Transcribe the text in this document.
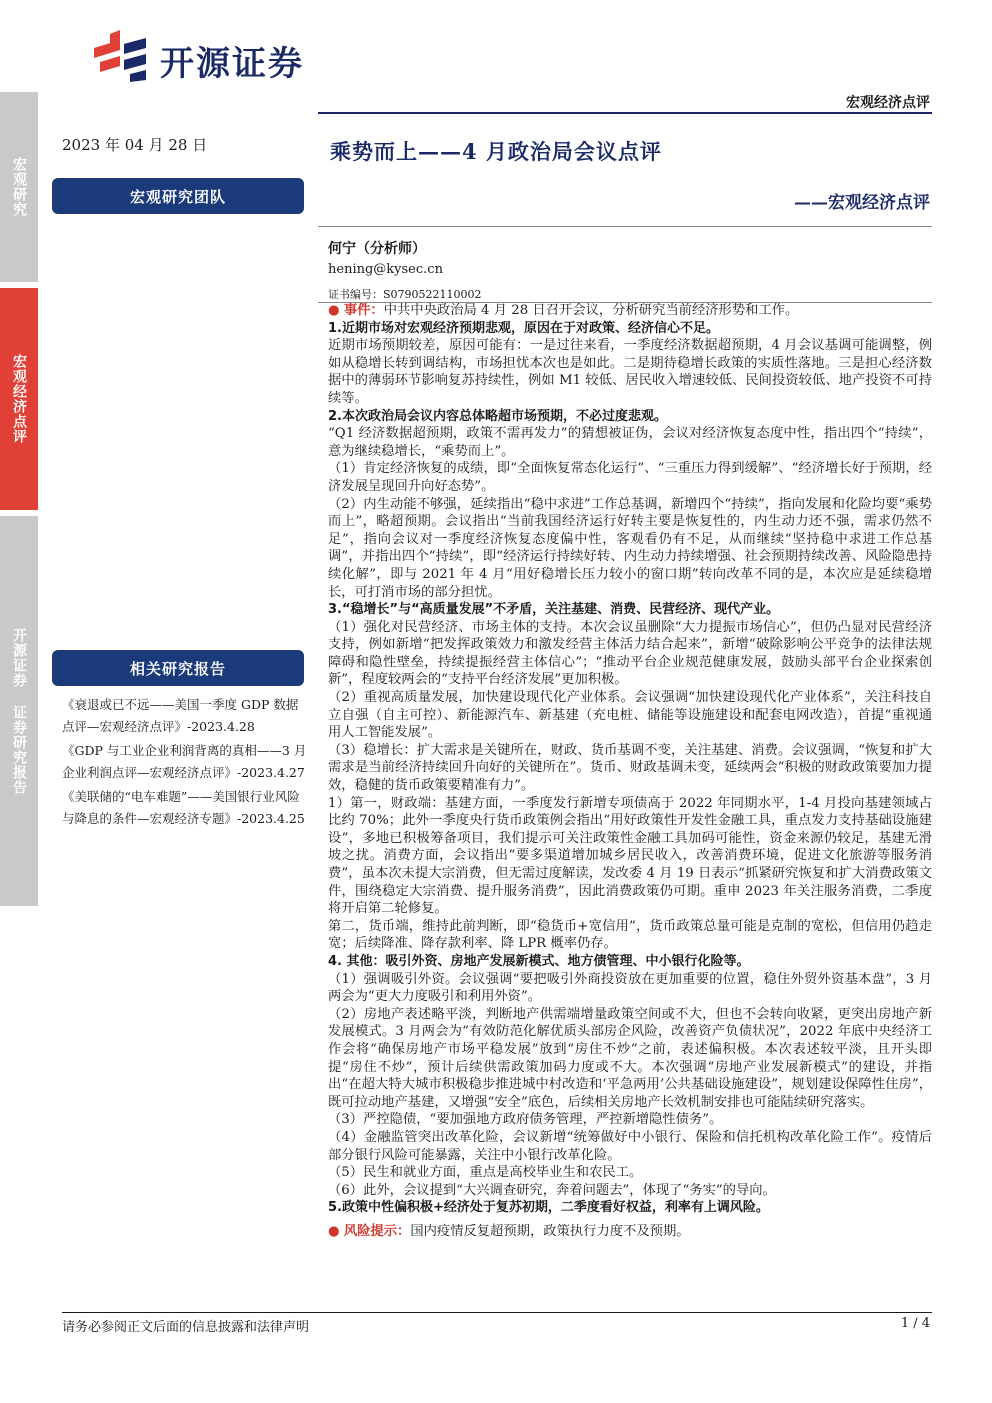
开源证券
宏观经济点评
宏观研究
宏观经济点评
开源证券 证券研究报告
2023 年 04 月 28 日
宏观研究团队
相关研究报告

《衰退或已不远——美国一季度 GDP 数据点评—宏观经济点评》-2023.4.28

《GDP 与工业企业利润背离的真相——3 月企业利润点评—宏观经济点评》-2023.4.27

《美联储的“电车难题”——美国银行业风险与降息的条件—宏观经济专题》-2023.4.25

乘势而上——4 月政治局会议点评
——宏观经济点评
何宁（分析师）
hening@kysec.cn
证书编号：S0790522110002

● 事件：中共中央政治局 4 月 28 日召开会议，分析研究当前经济形势和工作。

1.近期市场对宏观经济预期悲观，原因在于对政策、经济信心不足。

近期市场预期较差，原因可能有：一是过往来看，一季度经济数据超预期，4 月会议基调可能调整，例如从稳增长转到调结构，市场担忧本次也是如此。二是期待稳增长政策的实质性落地。三是担心经济数据中的薄弱环节影响复苏持续性，例如 M1 较低、居民收入增速较低、民间投资较低、地产投资不可持续等。

2.本次政治局会议内容总体略超市场预期，不必过度悲观。

“Q1 经济数据超预期，政策不需再发力”的猜想被证伪，会议对经济恢复态度中性，指出四个“持续”，意为继续稳增长，“乘势而上”。

（1）肯定经济恢复的成绩，即“全面恢复常态化运行”、“三重压力得到缓解”、“经济增长好于预期，经济发展呈现回升向好态势”。

（2）内生动能不够强，延续指出“稳中求进”工作总基调，新增四个“持续”，指向发展和化险均要“乘势而上”，略超预期。会议指出“当前我国经济运行好转主要是恢复性的，内生动力还不强，需求仍然不足”，指向会议对一季度经济恢复态度偏中性，客观看仍有不足，从而继续“坚持稳中求进工作总基调”，并指出四个“持续”，即“经济运行持续好转、内生动力持续增强、社会预期持续改善、风险隐患持续化解”，即与 2021 年 4 月“用好稳增长压力较小的窗口期”转向改革不同的是，本次应是延续稳增长，可打消市场的部分担忧。

3.“稳增长”与“高质量发展”不矛盾，关注基建、消费、民营经济、现代产业。

（1）强化对民营经济、市场主体的支持。本次会议虽删除“大力提振市场信心”，但仍凸显对民营经济支持，例如新增“把发挥政策效力和激发经营主体活力结合起来”，新增“破除影响公平竞争的法律法规障碍和隐性壁垒，持续提振经营主体信心”；“推动平台企业规范健康发展，鼓励头部平台企业探索创新”，程度较两会的“支持平台经济发展”更加积极。

（2）重视高质量发展，加快建设现代化产业体系。会议强调“加快建设现代化产业体系”，关注科技自立自强（自主可控）、新能源汽车、新基建（充电桩、储能等设施建设和配套电网改造），首提“重视通用人工智能发展”。

（3）稳增长：扩大需求是关键所在，财政、货币基调不变，关注基建、消费。会议强调，“恢复和扩大需求是当前经济持续回升向好的关键所在”。货币、财政基调未变，延续两会“积极的财政政策要加力提效，稳健的货币政策要精准有力”。

1）第一，财政端：基建方面，一季度发行新增专项债高于 2022 年同期水平，1-4 月投向基建领域占比约 70%；此外一季度央行货币政策例会指出“用好政策性开发性金融工具，重点发力支持基础设施建设”，多地已积极筹备项目，我们提示可关注政策性金融工具加码可能性，资金来源仍较足，基建无滑坡之扰。消费方面，会议指出“要多渠道增加城乡居民收入，改善消费环境，促进文化旅游等服务消费”，虽本次未提大宗消费，但无需过度解读，发改委 4 月 19 日表示“抓紧研究恢复和扩大消费政策文件，围绕稳定大宗消费、提升服务消费”，因此消费政策仍可期。重申 2023 年关注服务消费，二季度将开启第二轮修复。

第二，货币端，维持此前判断，即“稳货币+宽信用”，货币政策总量可能是克制的宽松，但信用仍趋走宽；后续降准、降存款利率、降 LPR 概率仍存。

4. 其他：吸引外资、房地产发展新模式、地方债管理、中小银行化险等。

（1）强调吸引外资。会议强调“要把吸引外商投资放在更加重要的位置，稳住外贸外资基本盘”，3 月两会为“更大力度吸引和利用外资”。

（2）房地产表述略平淡，判断地产供需端增量政策空间或不大，但也不会转向收紧，更突出房地产新发展模式。3 月两会为“有效防范化解优质头部房企风险，改善资产负债状况”，2022 年底中央经济工作会将“确保房地产市场平稳发展”放到“房住不炒”之前，表述偏积极。本次表述较平淡，且开头即提“房住不炒”，预计后续供需政策加码力度或不大。本次强调“房地产业发展新模式”的建设，并指出“在超大特大城市积极稳步推进城中村改造和‘平急两用’公共基础设施建设”，规划建设保障性住房”，既可拉动地产基建，又增强“安全”底色，后续相关房地产长效机制安排也可能陆续研究落实。

（3）严控隐债，“要加强地方政府债务管理，严控新增隐性债务”。

（4）金融监管突出改革化险，会议新增“统筹做好中小银行、保险和信托机构改革化险工作”。疫情后部分银行风险可能暴露，关注中小银行改革化险。

（5）民生和就业方面，重点是高校毕业生和农民工。

（6）此外，会议提到“大兴调查研究，奔着问题去”，体现了“务实”的导向。

5.政策中性偏积极+经济处于复苏初期，二季度看好权益，利率有上调风险。

● 风险提示：国内疫情反复超预期，政策执行力度不及预期。

请务必参阅正文后面的信息披露和法律声明	1 / 4
